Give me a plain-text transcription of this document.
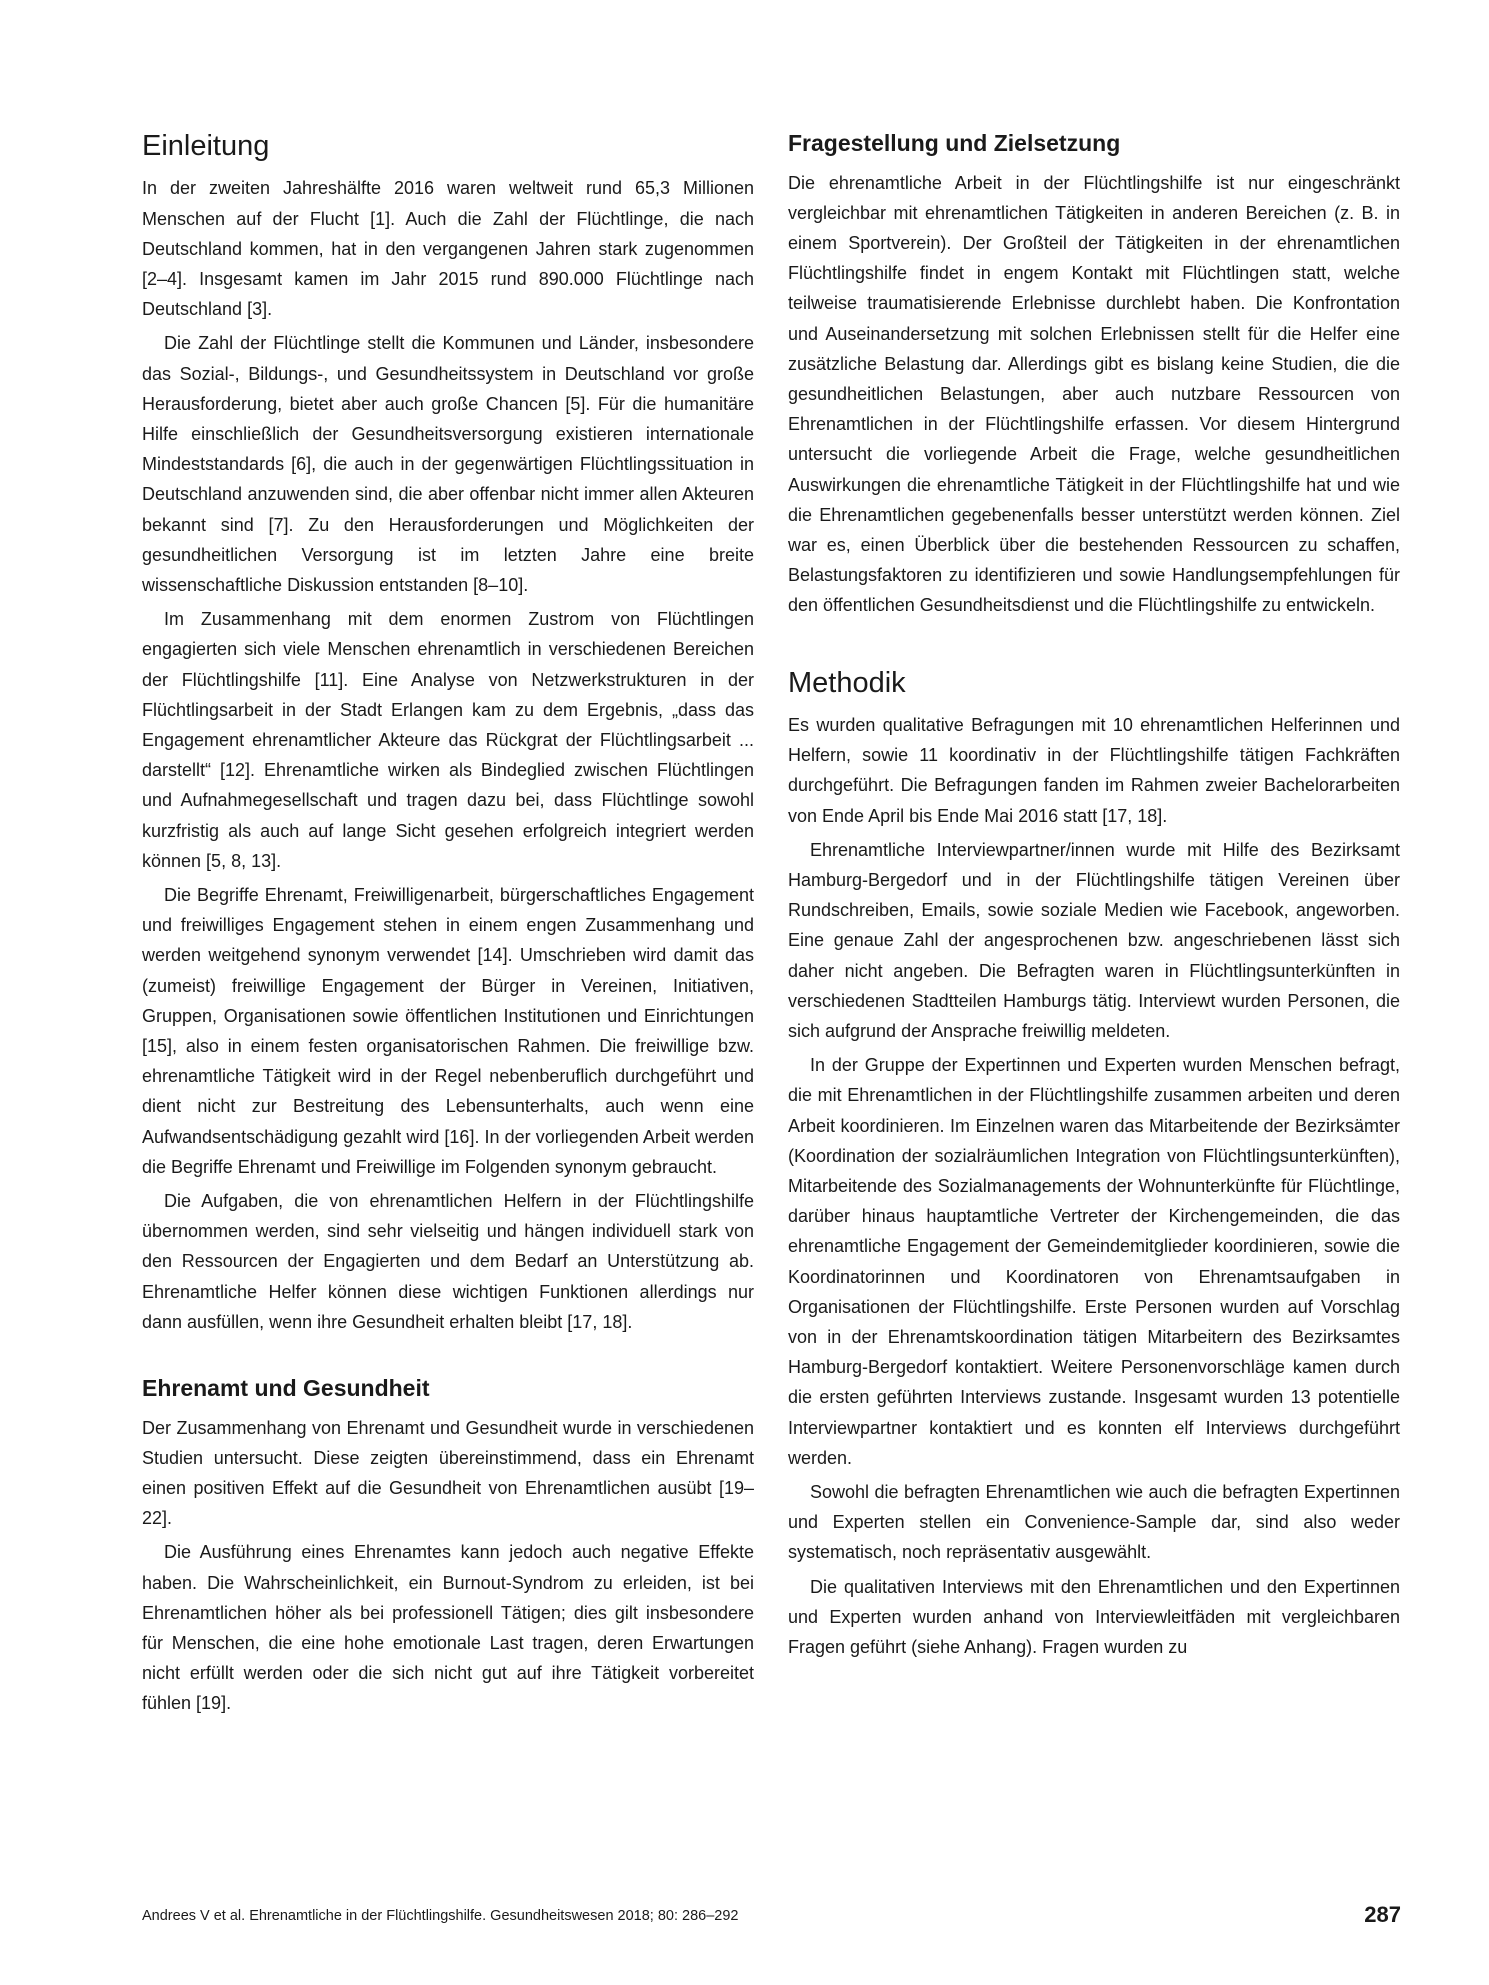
Einleitung

In der zweiten Jahreshälfte 2016 waren weltweit rund 65,3 Millionen Menschen auf der Flucht [1]. Auch die Zahl der Flüchtlinge, die nach Deutschland kommen, hat in den vergangenen Jahren stark zugenommen [2–4]. Insgesamt kamen im Jahr 2015 rund 890.000 Flüchtlinge nach Deutschland [3].

Die Zahl der Flüchtlinge stellt die Kommunen und Länder, insbesondere das Sozial-, Bildungs-, und Gesundheitssystem in Deutschland vor große Herausforderung, bietet aber auch große Chancen [5]. Für die humanitäre Hilfe einschließlich der Gesundheitsversorgung existieren internationale Mindeststandards [6], die auch in der gegenwärtigen Flüchtlingssituation in Deutschland anzuwenden sind, die aber offenbar nicht immer allen Akteuren bekannt sind [7]. Zu den Herausforderungen und Möglichkeiten der gesundheitlichen Versorgung ist im letzten Jahre eine breite wissenschaftliche Diskussion entstanden [8–10].

Im Zusammenhang mit dem enormen Zustrom von Flüchtlingen engagierten sich viele Menschen ehrenamtlich in verschiedenen Bereichen der Flüchtlingshilfe [11]. Eine Analyse von Netzwerkstrukturen in der Flüchtlingsarbeit in der Stadt Erlangen kam zu dem Ergebnis, „dass das Engagement ehrenamtlicher Akteure das Rückgrat der Flüchtlingsarbeit ... darstellt“ [12]. Ehrenamtliche wirken als Bindeglied zwischen Flüchtlingen und Aufnahmegesellschaft und tragen dazu bei, dass Flüchtlinge sowohl kurzfristig als auch auf lange Sicht gesehen erfolgreich integriert werden können [5, 8, 13].

Die Begriffe Ehrenamt, Freiwilligenarbeit, bürgerschaftliches Engagement und freiwilliges Engagement stehen in einem engen Zusammenhang und werden weitgehend synonym verwendet [14]. Umschrieben wird damit das (zumeist) freiwillige Engagement der Bürger in Vereinen, Initiativen, Gruppen, Organisationen sowie öffentlichen Institutionen und Einrichtungen [15], also in einem festen organisatorischen Rahmen. Die freiwillige bzw. ehrenamtliche Tätigkeit wird in der Regel nebenberuflich durchgeführt und dient nicht zur Bestreitung des Lebensunterhalts, auch wenn eine Aufwandsentschädigung gezahlt wird [16]. In der vorliegenden Arbeit werden die Begriffe Ehrenamt und Freiwillige im Folgenden synonym gebraucht.

Die Aufgaben, die von ehrenamtlichen Helfern in der Flüchtlingshilfe übernommen werden, sind sehr vielseitig und hängen individuell stark von den Ressourcen der Engagierten und dem Bedarf an Unterstützung ab. Ehrenamtliche Helfer können diese wichtigen Funktionen allerdings nur dann ausfüllen, wenn ihre Gesundheit erhalten bleibt [17, 18].

Ehrenamt und Gesundheit

Der Zusammenhang von Ehrenamt und Gesundheit wurde in verschiedenen Studien untersucht. Diese zeigten übereinstimmend, dass ein Ehrenamt einen positiven Effekt auf die Gesundheit von Ehrenamtlichen ausübt [19–22].

Die Ausführung eines Ehrenamtes kann jedoch auch negative Effekte haben. Die Wahrscheinlichkeit, ein Burnout-Syndrom zu erleiden, ist bei Ehrenamtlichen höher als bei professionell Tätigen; dies gilt insbesondere für Menschen, die eine hohe emotionale Last tragen, deren Erwartungen nicht erfüllt werden oder die sich nicht gut auf ihre Tätigkeit vorbereitet fühlen [19].

Fragestellung und Zielsetzung

Die ehrenamtliche Arbeit in der Flüchtlingshilfe ist nur eingeschränkt vergleichbar mit ehrenamtlichen Tätigkeiten in anderen Bereichen (z. B. in einem Sportverein). Der Großteil der Tätigkeiten in der ehrenamtlichen Flüchtlingshilfe findet in engem Kontakt mit Flüchtlingen statt, welche teilweise traumatisierende Erlebnisse durchlebt haben. Die Konfrontation und Auseinandersetzung mit solchen Erlebnissen stellt für die Helfer eine zusätzliche Belastung dar. Allerdings gibt es bislang keine Studien, die die gesundheitlichen Belastungen, aber auch nutzbare Ressourcen von Ehrenamtlichen in der Flüchtlingshilfe erfassen. Vor diesem Hintergrund untersucht die vorliegende Arbeit die Frage, welche gesundheitlichen Auswirkungen die ehrenamtliche Tätigkeit in der Flüchtlingshilfe hat und wie die Ehrenamtlichen gegebenenfalls besser unterstützt werden können. Ziel war es, einen Überblick über die bestehenden Ressourcen zu schaffen, Belastungsfaktoren zu identifizieren und sowie Handlungsempfehlungen für den öffentlichen Gesundheitsdienst und die Flüchtlingshilfe zu entwickeln.

Methodik

Es wurden qualitative Befragungen mit 10 ehrenamtlichen Helferinnen und Helfern, sowie 11 koordinativ in der Flüchtlingshilfe tätigen Fachkräften durchgeführt. Die Befragungen fanden im Rahmen zweier Bachelorarbeiten von Ende April bis Ende Mai 2016 statt [17, 18].

Ehrenamtliche Interviewpartner/innen wurde mit Hilfe des Bezirksamt Hamburg-Bergedorf und in der Flüchtlingshilfe tätigen Vereinen über Rundschreiben, Emails, sowie soziale Medien wie Facebook, angeworben. Eine genaue Zahl der angesprochenen bzw. angeschriebenen lässt sich daher nicht angeben. Die Befragten waren in Flüchtlingsunterkünften in verschiedenen Stadtteilen Hamburgs tätig. Interviewt wurden Personen, die sich aufgrund der Ansprache freiwillig meldeten.

In der Gruppe der Expertinnen und Experten wurden Menschen befragt, die mit Ehrenamtlichen in der Flüchtlingshilfe zusammen arbeiten und deren Arbeit koordinieren. Im Einzelnen waren das Mitarbeitende der Bezirksämter (Koordination der sozialräumlichen Integration von Flüchtlingsunterkünften), Mitarbeitende des Sozialmanagements der Wohnunterkünfte für Flüchtlinge, darüber hinaus hauptamtliche Vertreter der Kirchengemeinden, die das ehrenamtliche Engagement der Gemeindemitglieder koordinieren, sowie die Koordinatorinnen und Koordinatoren von Ehrenamtsaufgaben in Organisationen der Flüchtlingshilfe. Erste Personen wurden auf Vorschlag von in der Ehrenamtskoordination tätigen Mitarbeitern des Bezirksamtes Hamburg-Bergedorf kontaktiert. Weitere Personenvorschläge kamen durch die ersten geführten Interviews zustande. Insgesamt wurden 13 potentielle Interviewpartner kontaktiert und es konnten elf Interviews durchgeführt werden.

Sowohl die befragten Ehrenamtlichen wie auch die befragten Expertinnen und Experten stellen ein Convenience-Sample dar, sind also weder systematisch, noch repräsentativ ausgewählt.

Die qualitativen Interviews mit den Ehrenamtlichen und den Expertinnen und Experten wurden anhand von Interviewleitfäden mit vergleichbaren Fragen geführt (siehe Anhang). Fragen wurden zu

Andrees V et al. Ehrenamtliche in der Flüchtlingshilfe. Gesundheitswesen 2018; 80: 286–292	287
